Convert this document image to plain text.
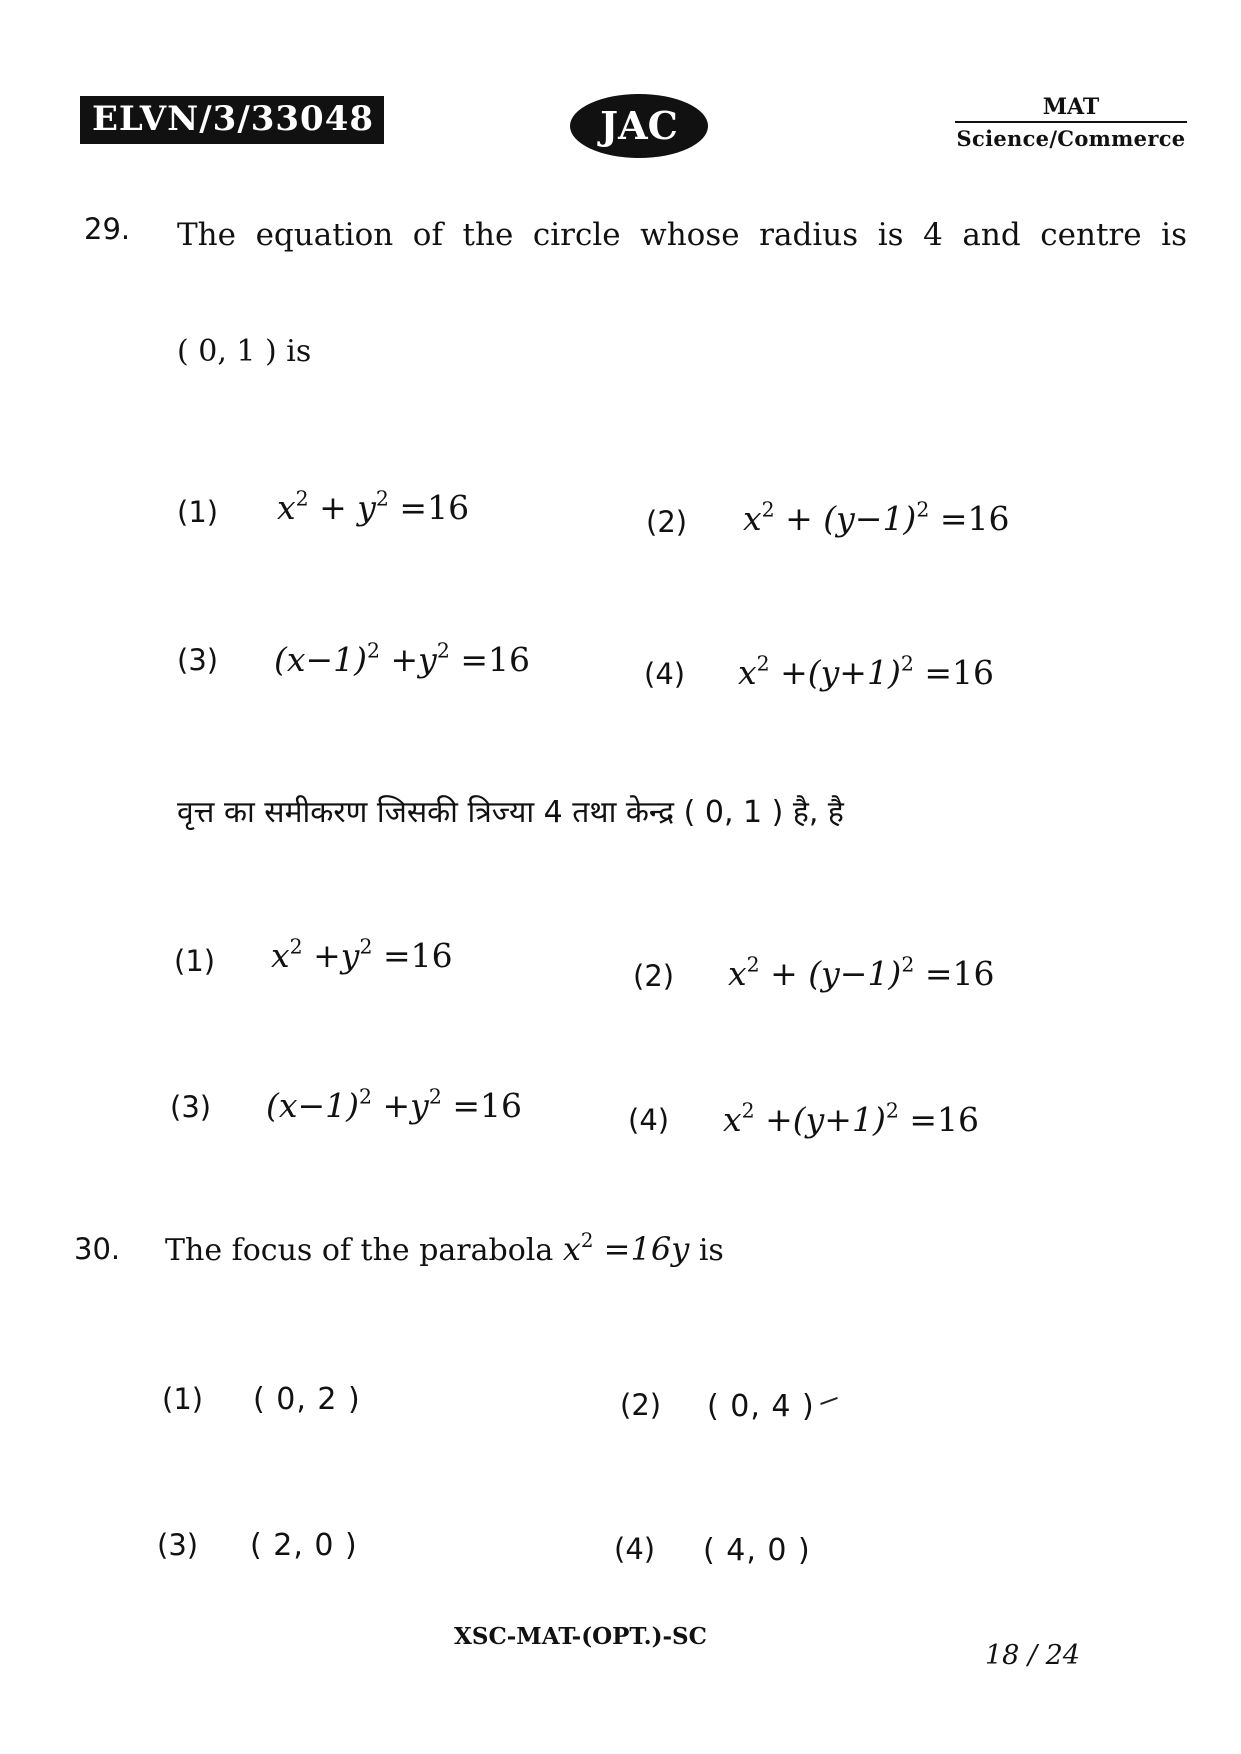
ELVN/3/33048	JAC	MAT
Science/Commerce
29. The equation of the circle whose radius is 4 and centre is
( 0, 1 ) is
(1) $x^2 + y^2 =16$	(2) $x^2 + (y-1)^2 =16$
(3) $(x-1)^2 +y^2 =16$	(4) $x^2 +(y+1)^2 =16$
वृत्त का समीकरण जिसकी त्रिज्या 4 तथा केन्द्र ( 0, 1 ) है, है
(1) $x^2 +y^2 =16$
(2) $x^2 + (y-1)^2 =16$
(3) $(x-1)^2 +y^2 =16$	(4) $x^2 +(y+1)^2 =16$
30. The focus of the parabola $x^2 =16y$ is
(1) ( 0, 2 )	(2) ( 0, 4 )
(3) ( 2, 0 )	(4) ( 4, 0 )
XSC-MAT-(OPT.)-SC
18 / 24
